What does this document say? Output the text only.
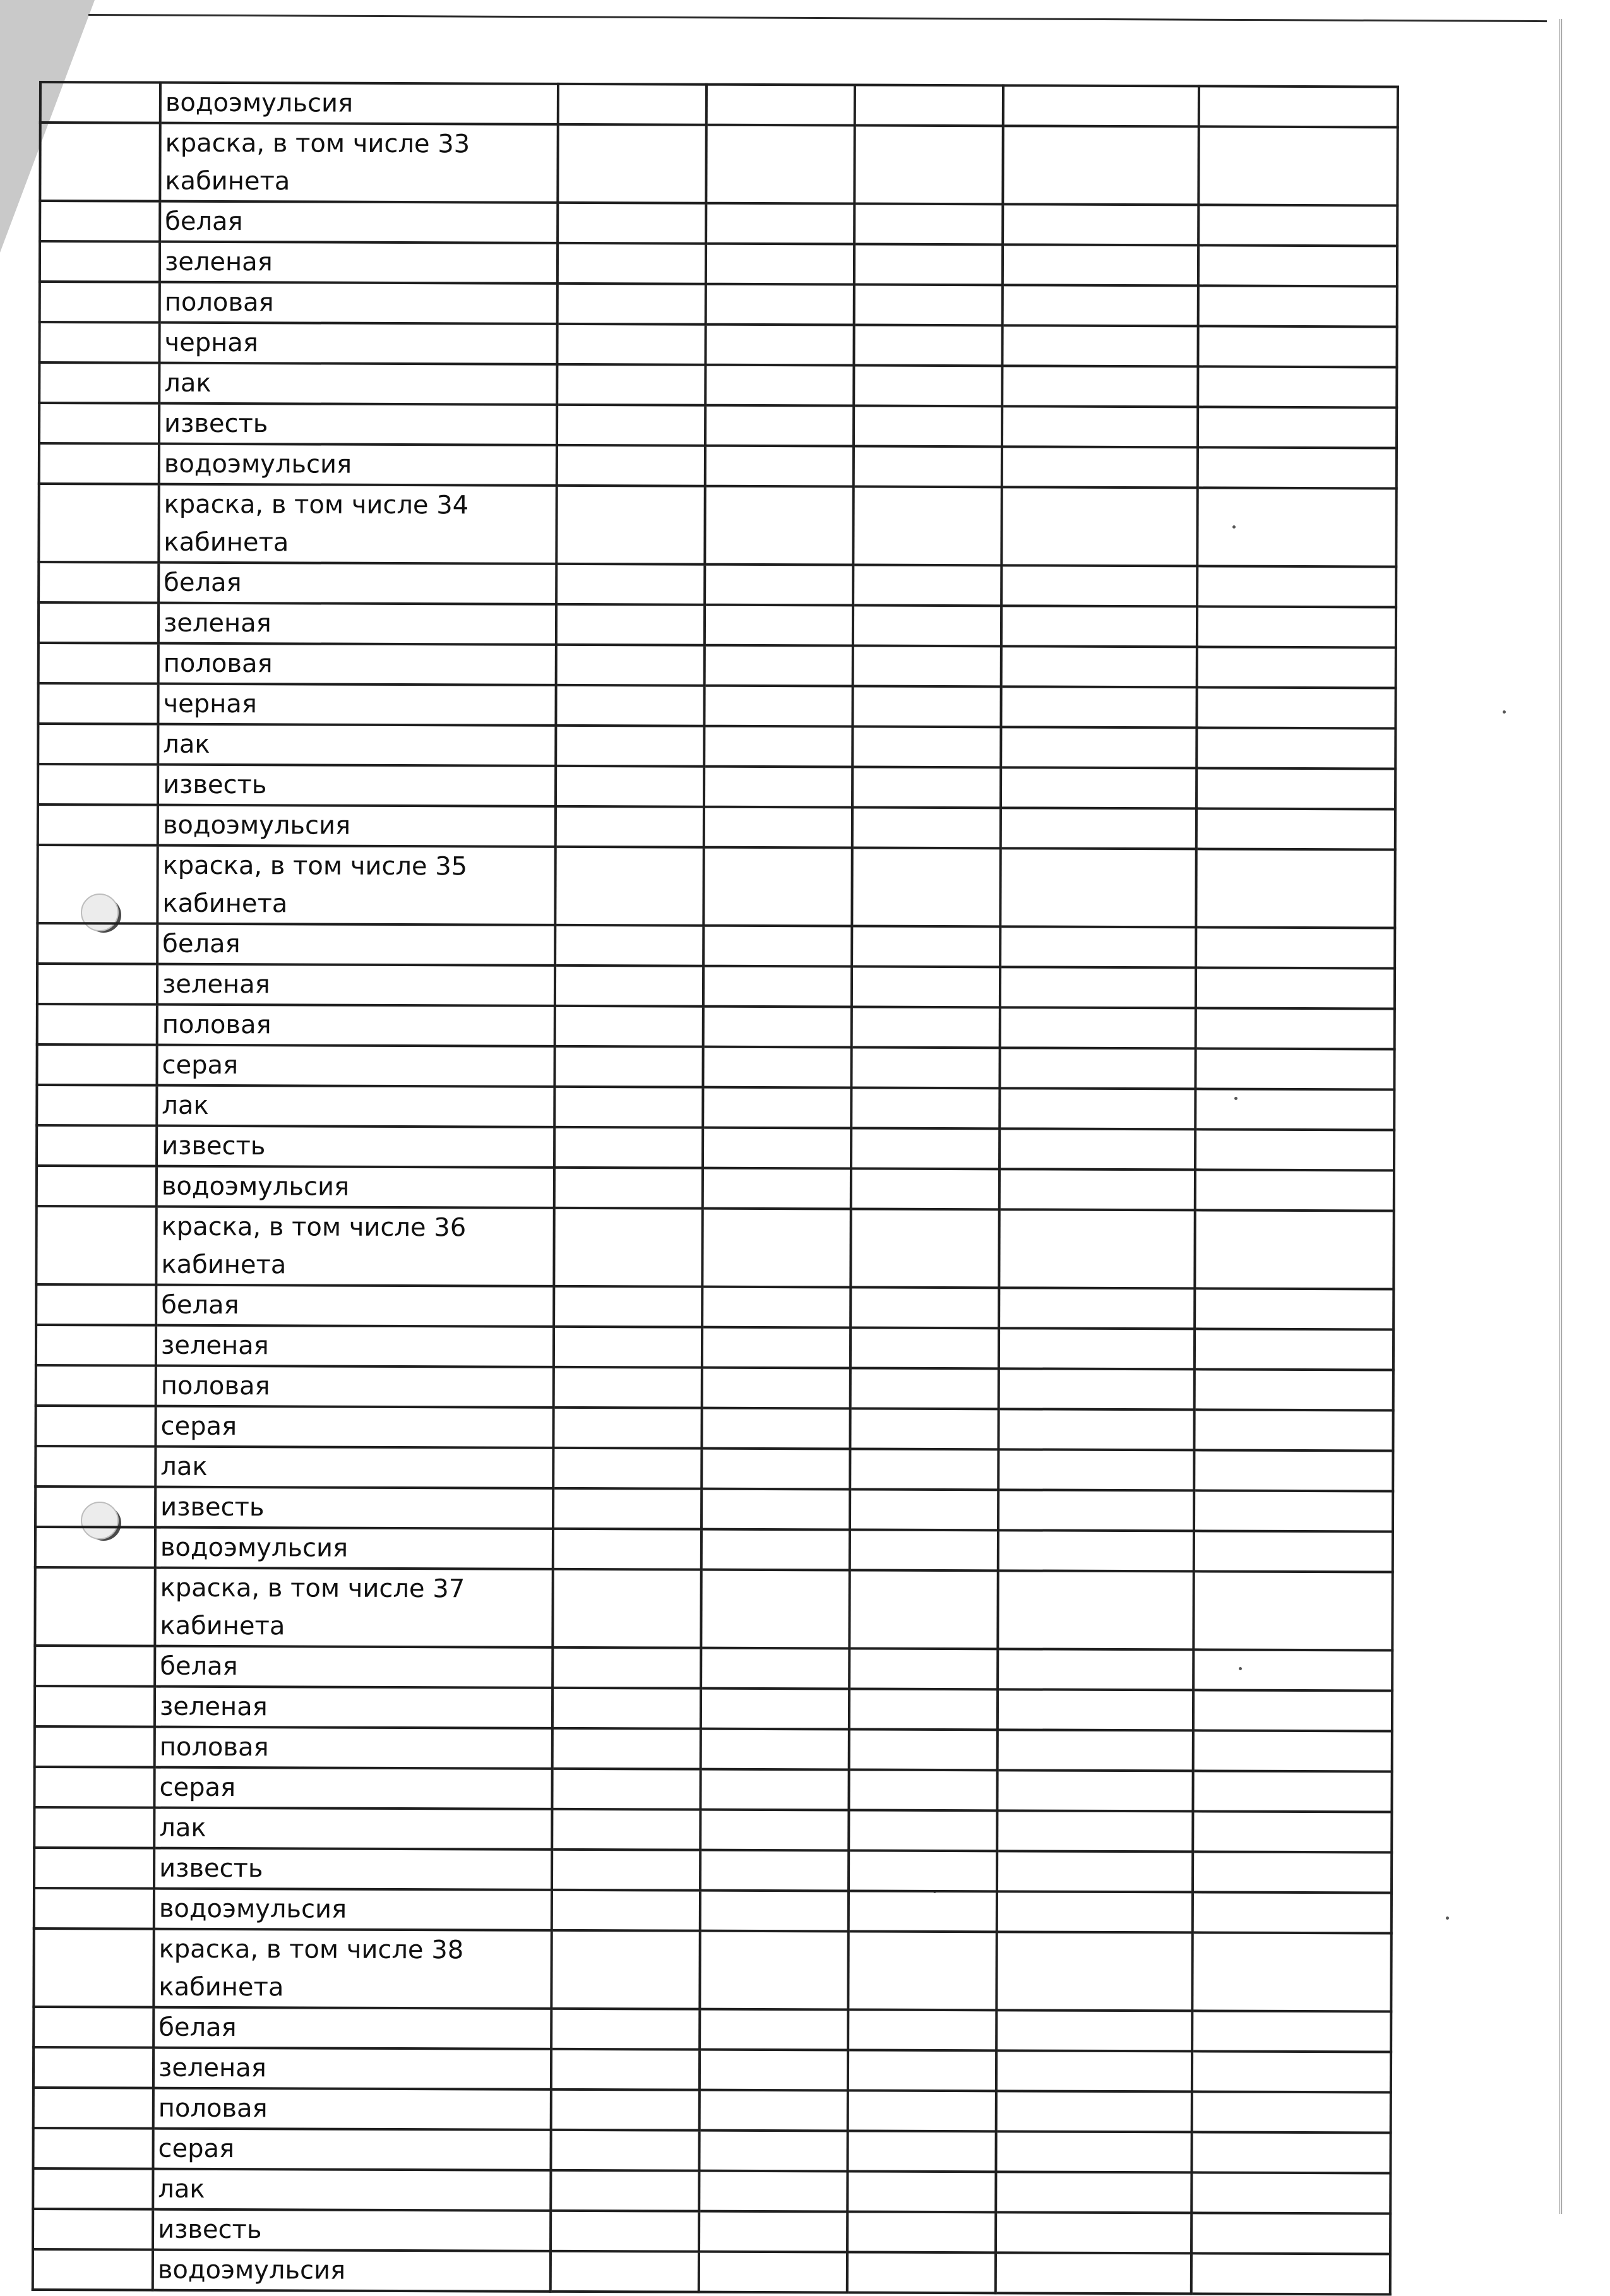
	водоэмульсия					
	краска, в том числе 33 кабинета					
	белая					
	зеленая					
	половая					
	черная					
	лак					
	известь					
	водоэмульсия					
	краска, в том числе 34 кабинета					
	белая					
	зеленая					
	половая					
	черная					
	лак					
	известь					
	водоэмульсия					
	краска, в том числе 35 кабинета					
	белая					
	зеленая					
	половая					
	серая					
	лак					
	известь					
	водоэмульсия					
	краска, в том числе 36 кабинета					
	белая					
	зеленая					
	половая					
	серая					
	лак					
	известь					
	водоэмульсия					
	краска, в том числе 37 кабинета					
	белая					
	зеленая					
	половая					
	серая					
	лак					
	известь					
	водоэмульсия					
	краска, в том числе 38 кабинета					
	белая					
	зеленая					
	половая					
	серая					
	лак					
	известь					
	водоэмульсия					
